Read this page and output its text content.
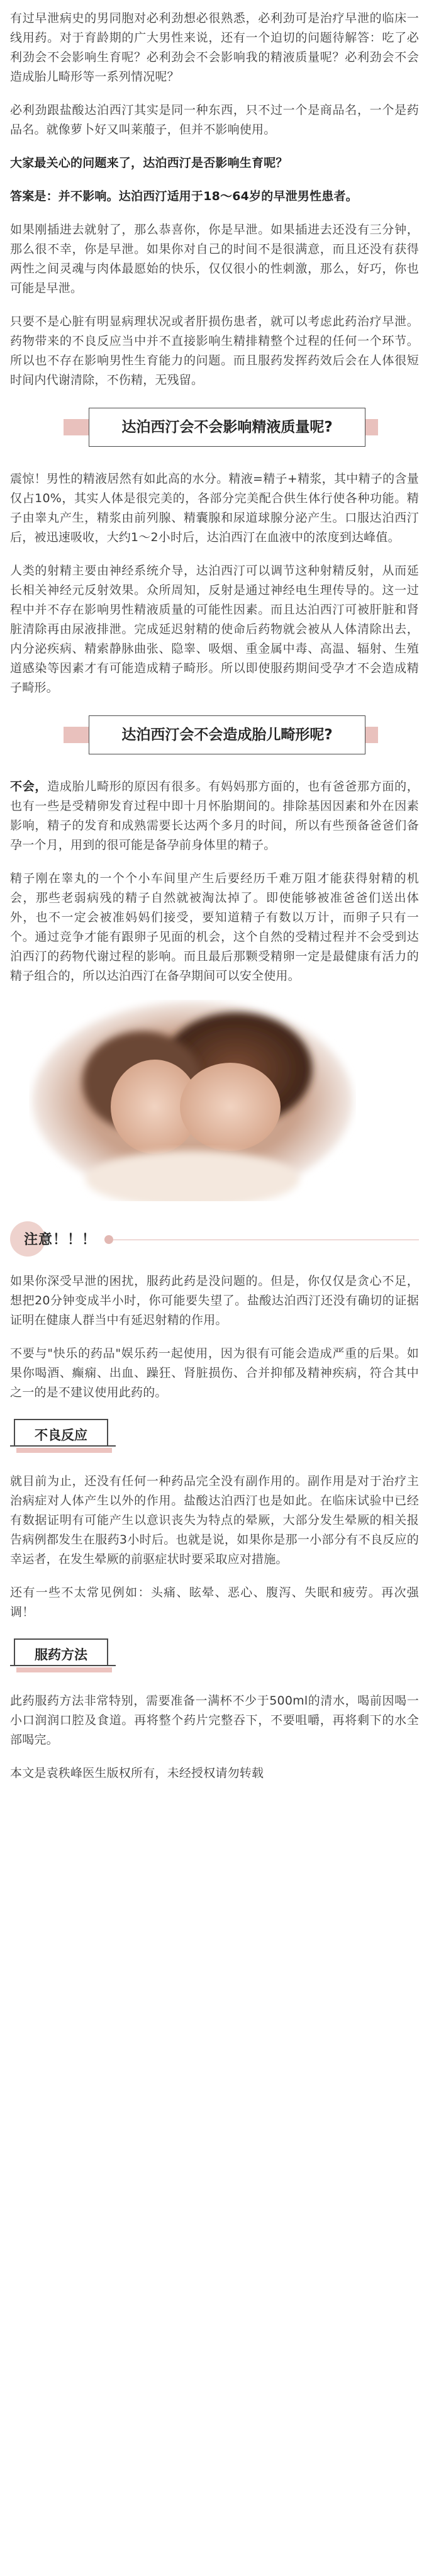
有过早泄病史的男同胞对必利劲想必很熟悉，必利劲可是治疗早泄的临床一线用药。对于育龄期的广大男性来说，还有一个迫切的问题待解答：吃了必利劲会不会影响生育呢？必利劲会不会影响我的精液质量呢？必利劲会不会造成胎儿畸形等一系列情况呢？

必利劲跟盐酸达泊西汀其实是同一种东西，只不过一个是商品名，一个是药品名。就像萝卜好又叫莱菔子，但并不影响使用。

大家最关心的问题来了，达泊西汀是否影响生育呢？

答案是：并不影响。达泊西汀适用于18～64岁的早泄男性患者。

如果刚插进去就射了，那么恭喜你，你是早泄。如果插进去还没有三分钟，那么很不幸，你是早泄。如果你对自己的时间不是很满意，而且还没有获得两性之间灵魂与肉体最愿始的快乐，仅仅很小的性刺激，那么，好巧，你也可能是早泄。

只要不是心脏有明显病理状况或者肝损伤患者，就可以考虑此药治疗早泄。药物带来的不良反应当中并不直接影响生精排精整个过程的任何一个环节。所以也不存在影响男性生育能力的问题。而且服药发挥药效后会在人体很短时间内代谢清除，不伤精，无残留。

达泊西汀会不会影响精液质量呢?

震惊！男性的精液居然有如此高的水分。精液=精子+精浆，其中精子的含量仅占10%，其实人体是很完美的，各部分完美配合供生体行使各种功能。精子由睾丸产生，精浆由前列腺、精囊腺和尿道球腺分泌产生。口服达泊西汀后，被迅速吸收，大约1～2小时后，达泊西汀在血液中的浓度到达峰值。

人类的射精主要由神经系统介导，达泊西汀可以调节这种射精反射，从而延长相关神经元反射效果。众所周知，反射是通过神经电生理传导的。这一过程中并不存在影响男性精液质量的可能性因素。而且达泊西汀可被肝脏和肾脏清除再由尿液排泄。完成延迟射精的使命后药物就会被从人体清除出去，内分泌疾病、精索静脉曲张、隐睾、吸烟、重金属中毒、高温、辐射、生殖道感染等因素才有可能造成精子畸形。所以即使服药期间受孕才不会造成精子畸形。

达泊西汀会不会造成胎儿畸形呢?

不会，造成胎儿畸形的原因有很多。有妈妈那方面的，也有爸爸那方面的，也有一些是受精卵发育过程中即十月怀胎期间的。排除基因因素和外在因素影响，精子的发育和成熟需要长达两个多月的时间，所以有些预备爸爸们备孕一个月，用到的很可能是备孕前身体里的精子。

精子刚在睾丸的一个个小车间里产生后要经历千难万阻才能获得射精的机会，那些老弱病残的精子自然就被淘汰掉了。即使能够被准爸爸们送出体外，也不一定会被准妈妈们接受，要知道精子有数以万计，而卵子只有一个。通过竞争才能有跟卵子见面的机会，这个自然的受精过程并不会受到达泊西汀的药物代谢过程的影响。而且最后那颗受精卵一定是最健康有活力的精子组合的，所以达泊西汀在备孕期间可以安全使用。

注意！！！

如果你深受早泄的困扰，服药此药是没问题的。但是，你仅仅是贪心不足，想把20分钟变成半小时，你可能要失望了。盐酸达泊西汀还没有确切的证据证明在健康人群当中有延迟射精的作用。

不要与"快乐的药品"娱乐药一起使用，因为很有可能会造成严重的后果。如果你喝酒、癫痫、出血、躁狂、肾脏损伤、合并抑郁及精神疾病，符合其中之一的是不建议使用此药的。

不良反应

就目前为止，还没有任何一种药品完全没有副作用的。副作用是对于治疗主治病症对人体产生以外的作用。盐酸达泊西汀也是如此。在临床试验中已经有数据证明有可能产生以意识丧失为特点的晕厥，大部分发生晕厥的相关报告病例都发生在服药3小时后。也就是说，如果你是那一小部分有不良反应的幸运者，在发生晕厥的前驱症状时要采取应对措施。

还有一些不太常见例如：头痛、眩晕、恶心、腹泻、失眠和疲劳。再次强调！

服药方法

此药服药方法非常特别，需要准备一满杯不少于500ml的清水，喝前因喝一小口润润口腔及食道。再将整个药片完整吞下，不要咀嚼，再将剩下的水全部喝完。

本文是袁秩峰医生版权所有，未经授权请勿转载
